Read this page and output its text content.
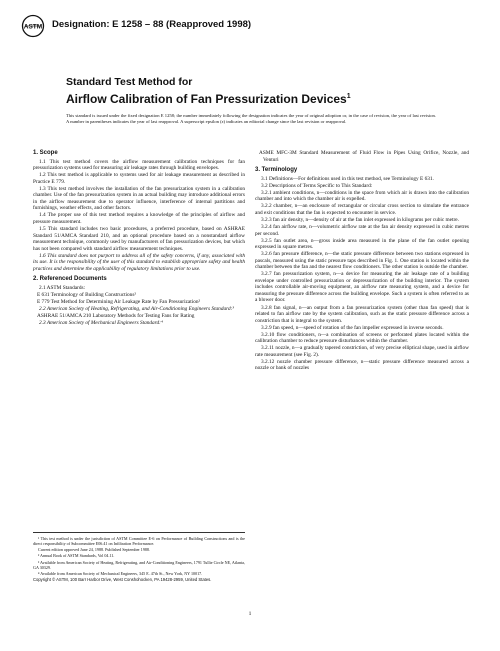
ASTM Designation: E 1258 – 88 (Reapproved 1998)
Standard Test Method for
Airflow Calibration of Fan Pressurization Devices$^1$
This standard is issued under the fixed designation E 1258; the number immediately following the designation indicates the year of original adoption or, in the case of revision, the year of last revision. A number in parentheses indicates the year of last reapproval. A superscript epsilon (ε) indicates an editorial change since the last revision or reapproval.
1. Scope

1.1 This test method covers the airflow measurement calibration techniques for fan pressurization systems used for measuring air leakage rates through building envelopes.

1.2 This test method is applicable to systems used for air leakage measurement as described in Practice E 779.

1.3 This test method involves the installation of the fan pressurization system in a calibration chamber. Use of the fan pressurization system in an actual building may introduce additional errors in the airflow measurement due to operator influence, interference of internal partitions and furnishings, weather effects, and other factors.

1.4 The proper use of this test method requires a knowledge of the principles of airflow and pressure measurement.

1.5 This standard includes two basic procedures, a preferred procedure, based on ASHRAE Standard 51/AMCA Standard 210, and an optional procedure based on a nonstandard airflow measurement technique, commonly used by manufacturers of fan pressurization devices, but which has not been compared with standard airflow measurement techniques.

1.6 This standard does not purport to address all of the safety concerns, if any, associated with its use. It is the responsibility of the user of this standard to establish appropriate safety and health practices and determine the applicability of regulatory limitations prior to use.

2. Referenced Documents

2.1 ASTM Standards:

E 631 Terminology of Building Constructions²

E 779 Test Method for Determining Air Leakage Rate by Fan Pressurization²

2.2 American Society of Heating, Refrigerating, and Air-Conditioning Engineers Standard:³

ASHRAE 51/AMCA 210 Laboratory Methods for Testing Fans for Rating

2.3 American Society of Mechanical Engineers Standard:⁴

¹ This test method is under the jurisdiction of ASTM Committee E-6 on Performance of Building Constructions and is the direct responsibility of Subcommittee E06.41 on Infiltration Performance.

Current edition approved June 24, 1988. Published September 1988.

² Annual Book of ASTM Standards, Vol 04.11.

³ Available from American Society of Heating, Refrigerating, and Air-Conditioning Engineers, 1791 Tullie Circle NE, Atlanta, GA 30329.

⁴ Available from American Society of Mechanical Engineers, 345 E. 47th St., New York, NY 10017.

ASME MFC-3M Standard Measurement of Fluid Flow in Pipes Using Orifice, Nozzle, and Venturi

3. Terminology

3.1 Definitions—For definitions used in this test method, see Terminology E 631.

3.2 Descriptions of Terms Specific to This Standard:

3.2.1 ambient conditions, n—conditions in the space from which air is drawn into the calibration chamber and into which the chamber air is expelled.

3.2.2 chamber, n—an enclosure of rectangular or circular cross section to simulate the entrance and exit conditions that the fan is expected to encounter in service.

3.2.3 fan air density, n—density of air at the fan inlet expressed in kilograms per cubic metre.

3.2.4 fan airflow rate, n—volumetric airflow rate at the fan air density expressed in cubic metres per second.

3.2.5 fan outlet area, n—gross inside area measured in the plane of the fan outlet opening expressed in square metres.

3.2.6 fan pressure difference, n—the static pressure difference between two stations expressed in pascals, measured using the static pressure taps described in Fig. 1. One station is located within the chamber between the fan and the nearest flow conditioners. The other station is outside the chamber.

3.2.7 fan pressurization system, n—a device for measuring the air leakage rate of a building envelope under controlled pressurization or depressurization of the building interior. The system includes controllable air-moving equipment, an airflow rate measuring system, and a device for measuring the pressure difference across the building envelope. Such a system is often referred to as a blower door.

3.2.8 fan signal, n—an output from a fan pressurization system (other than fan speed) that is related to fan airflow rate by the system calibration, such as the static pressure difference across a constriction that is integral to the system.

3.2.9 fan speed, n—speed of rotation of the fan impeller expressed in inverse seconds.

3.2.10 flow conditioners, n—a combination of screens or perforated plates located within the calibration chamber to reduce pressure disturbances within the chamber.

3.2.11 nozzle, n—a gradually tapered constriction, of very precise elliptical shape, used in airflow rate measurement (see Fig. 2).

3.2.12 nozzle chamber pressure difference, n—static pressure difference measured across a nozzle or bank of nozzles

Copyright © ASTM, 100 Barr Harbor Drive, West Conshohocken, PA 19428-2959, United States.
1
